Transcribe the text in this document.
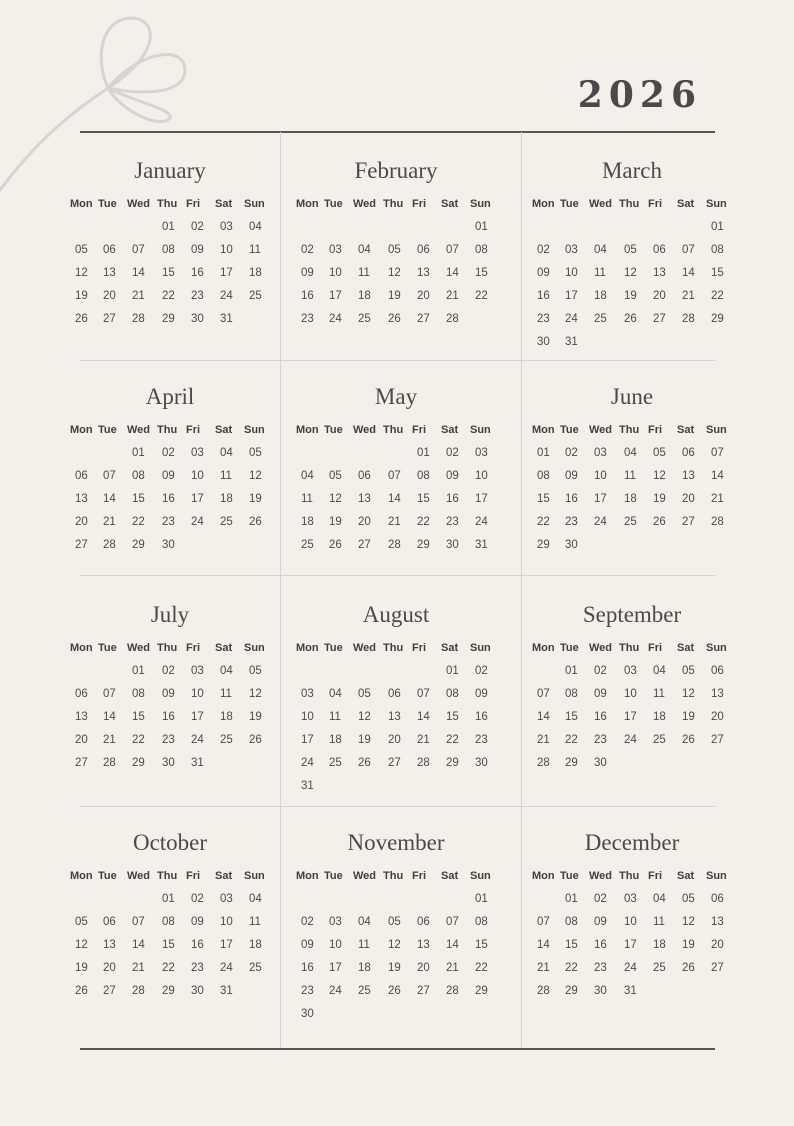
2026
January
Mon Tue Wed Thu Fri Sat Sun
01 02 03 04
05 06 07 08 09 10 11
12 13 14 15 16 17 18
19 20 21 22 23 24 25
26 27 28 29 30 31
February
Mon Tue Wed Thu Fri Sat Sun
01
02 03 04 05 06 07 08
09 10 11 12 13 14 15
16 17 18 19 20 21 22
23 24 25 26 27 28
March
Mon Tue Wed Thu Fri Sat Sun
01
02 03 04 05 06 07 08
09 10 11 12 13 14 15
16 17 18 19 20 21 22
23 24 25 26 27 28 29
30 31
April
Mon Tue Wed Thu Fri Sat Sun
01 02 03 04 05
06 07 08 09 10 11 12
13 14 15 16 17 18 19
20 21 22 23 24 25 26
27 28 29 30
May
Mon Tue Wed Thu Fri Sat Sun
01 02 03
04 05 06 07 08 09 10
11 12 13 14 15 16 17
18 19 20 21 22 23 24
25 26 27 28 29 30 31
June
Mon Tue Wed Thu Fri Sat Sun
01 02 03 04 05 06 07
08 09 10 11 12 13 14
15 16 17 18 19 20 21
22 23 24 25 26 27 28
29 30
July
Mon Tue Wed Thu Fri Sat Sun
01 02 03 04 05
06 07 08 09 10 11 12
13 14 15 16 17 18 19
20 21 22 23 24 25 26
27 28 29 30 31
August
Mon Tue Wed Thu Fri Sat Sun
01 02
03 04 05 06 07 08 09
10 11 12 13 14 15 16
17 18 19 20 21 22 23
24 25 26 27 28 29 30
31
September
Mon Tue Wed Thu Fri Sat Sun
01 02 03 04 05 06
07 08 09 10 11 12 13
14 15 16 17 18 19 20
21 22 23 24 25 26 27
28 29 30
October
Mon Tue Wed Thu Fri Sat Sun
01 02 03 04
05 06 07 08 09 10 11
12 13 14 15 16 17 18
19 20 21 22 23 24 25
26 27 28 29 30 31
November
Mon Tue Wed Thu Fri Sat Sun
01
02 03 04 05 06 07 08
09 10 11 12 13 14 15
16 17 18 19 20 21 22
23 24 25 26 27 28 29
30
December
Mon Tue Wed Thu Fri Sat Sun
01 02 03 04 05 06
07 08 09 10 11 12 13
14 15 16 17 18 19 20
21 22 23 24 25 26 27
28 29 30 31
